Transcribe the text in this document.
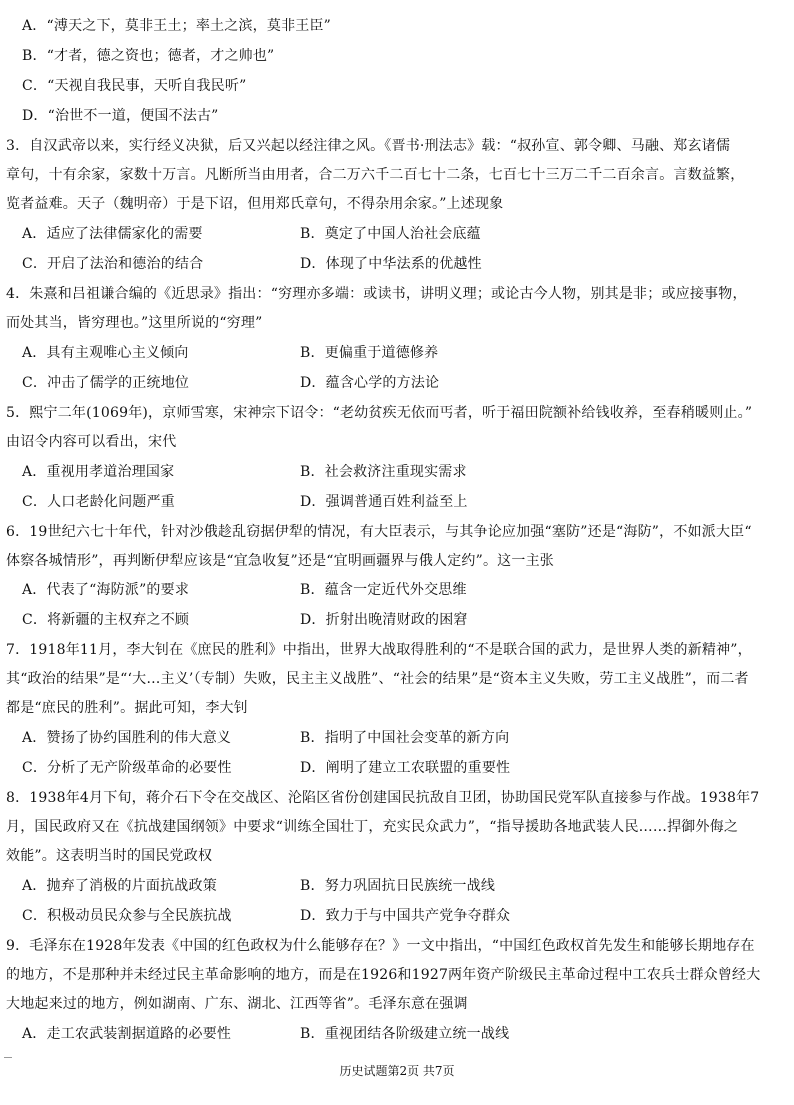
A．“溥天之下，莫非王土；率土之滨，莫非王臣”
B．“才者，德之资也；德者，才之帅也”
C．“天视自我民事，天听自我民听”
D．“治世不一道，便国不法古”
3．自汉武帝以来，实行经义决狱，后又兴起以经注律之风。《晋书·刑法志》载：“叔孙宣、郭令卿、马融、郑玄诸儒
章句，十有余家，家数十万言。凡断所当由用者，合二万六千二百七十二条，七百七十三万二千二百余言。言数益繁，
览者益难。天子（魏明帝）于是下诏，但用郑氏章句，不得杂用余家。”上述现象
A．适应了法律儒家化的需要	B．奠定了中国人治社会底蕴
C．开启了法治和德治的结合	D．体现了中华法系的优越性
4．朱熹和吕祖谦合编的《近思录》指出：“穷理亦多端：或读书，讲明义理；或论古今人物，别其是非；或应接事物，
而处其当，皆穷理也。”这里所说的“穷理”
A．具有主观唯心主义倾向	B．更偏重于道德修养
C．冲击了儒学的正统地位	D．蕴含心学的方法论
5．熙宁二年(1069年)，京师雪寒，宋神宗下诏令：“老幼贫疾无依而丐者，听于福田院额补给钱收养，至春稍暖则止。”
由诏令内容可以看出，宋代
A．重视用孝道治理国家	B．社会救济注重现实需求
C．人口老龄化问题严重	D．强调普通百姓利益至上
6．19世纪六七十年代，针对沙俄趁乱窃据伊犁的情况，有大臣表示，与其争论应加强“塞防”还是“海防”，不如派大臣“
体察各城情形”，再判断伊犁应该是“宜急收复”还是“宜明画疆界与俄人定约”。这一主张
A．代表了“海防派”的要求	B．蕴含一定近代外交思维
C．将新疆的主权弃之不顾	D．折射出晚清财政的困窘
7．1918年11月，李大钊在《庶民的胜利》中指出，世界大战取得胜利的“不是联合国的武力，是世界人类的新精神”，
其“政治的结果”是“‘大…主义’（专制）失败，民主主义战胜”、“社会的结果”是“资本主义失败，劳工主义战胜”，而二者
都是“庶民的胜利”。据此可知，李大钊
A．赞扬了协约国胜利的伟大意义	B．指明了中国社会变革的新方向
C．分析了无产阶级革命的必要性	D．阐明了建立工农联盟的重要性
8．1938年4月下旬，蒋介石下令在交战区、沦陷区省份创建国民抗敌自卫团，协助国民党军队直接参与作战。1938年7
月，国民政府又在《抗战建国纲领》中要求“训练全国壮丁，充实民众武力”，“指导援助各地武装人民……捍御外侮之
效能”。这表明当时的国民党政权
A．抛弃了消极的片面抗战政策	B．努力巩固抗日民族统一战线
C．积极动员民众参与全民族抗战	D．致力于与中国共产党争夺群众
9．毛泽东在1928年发表《中国的红色政权为什么能够存在？》一文中指出，“中国红色政权首先发生和能够长期地存在
的地方，不是那种并未经过民主革命影响的地方，而是在1926和1927两年资产阶级民主革命过程中工农兵士群众曾经大
大地起来过的地方，例如湖南、广东、湖北、江西等省”。毛泽东意在强调
A．走工农武装割据道路的必要性	B．重视团结各阶级建立统一战线
历史试题第2页 共7页
